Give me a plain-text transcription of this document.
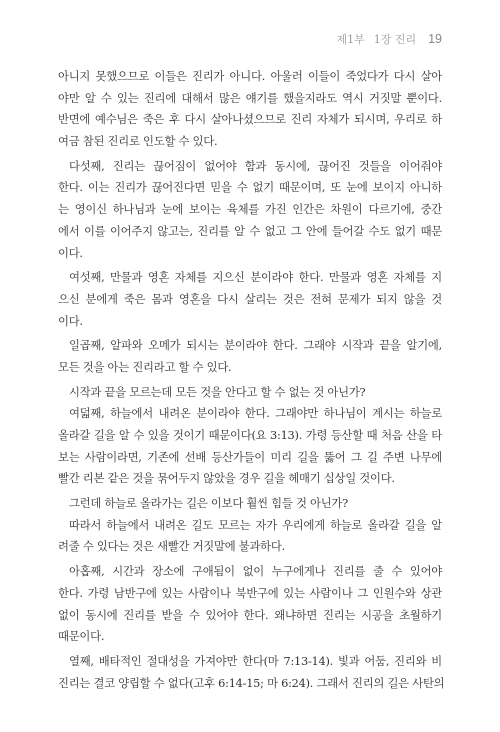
제1부 1장 진리 19
아니지 못했으므로 이들은 진리가 아니다. 아울러 이들이 죽었다가 다시 살아
야만 알 수 있는 진리에 대해서 많은 얘기를 했을지라도 역시 거짓말 뿐이다.
반면에 예수님은 죽은 후 다시 살아나셨으므로 진리 자체가 되시며, 우리로 하
여금 참된 진리로 인도할 수 있다.
다섯째, 진리는 끊어짐이 없어야 함과 동시에, 끊어진 것들을 이어줘야
한다. 이는 진리가 끊어진다면 믿을 수 없기 때문이며, 또 눈에 보이지 아니하
는 영이신 하나님과 눈에 보이는 육체를 가진 인간은 차원이 다르기에, 중간
에서 이를 이어주지 않고는, 진리를 알 수 없고 그 안에 들어갈 수도 없기 때문
이다.
여섯째, 만물과 영혼 자체를 지으신 분이라야 한다. 만물과 영혼 자체를 지
으신 분에게 죽은 몸과 영혼을 다시 살리는 것은 전혀 문제가 되지 않을 것
이다.
일곱째, 알파와 오메가 되시는 분이라야 한다. 그래야 시작과 끝을 알기에,
모든 것을 아는 진리라고 할 수 있다.
시작과 끝을 모르는데 모든 것을 안다고 할 수 없는 것 아닌가?
여덟째, 하늘에서 내려온 분이라야 한다. 그래야만 하나님이 계시는 하늘로
올라갈 길을 알 수 있을 것이기 때문이다(요 3:13). 가령 등산할 때 처음 산을 타
보는 사람이라면, 기존에 선배 등산가들이 미리 길을 뚫어 그 길 주변 나무에
빨간 리본 같은 것을 묶어두지 않았을 경우 길을 헤매기 십상일 것이다.
그런데 하늘로 올라가는 길은 이보다 훨씬 힘들 것 아닌가?
따라서 하늘에서 내려온 길도 모르는 자가 우리에게 하늘로 올라갈 길을 알
려줄 수 있다는 것은 새빨간 거짓말에 불과하다.
아홉째, 시간과 장소에 구애됨이 없이 누구에게나 진리를 줄 수 있어야
한다. 가령 남반구에 있는 사람이나 북반구에 있는 사람이나 그 인원수와 상관
없이 동시에 진리를 받을 수 있어야 한다. 왜냐하면 진리는 시공을 초월하기
때문이다.
열째, 배타적인 절대성을 가져야만 한다(마 7:13-14). 빛과 어둠, 진리와 비
진리는 결코 양립할 수 없다(고후 6:14-15; 마 6:24). 그래서 진리의 길은 사탄의
